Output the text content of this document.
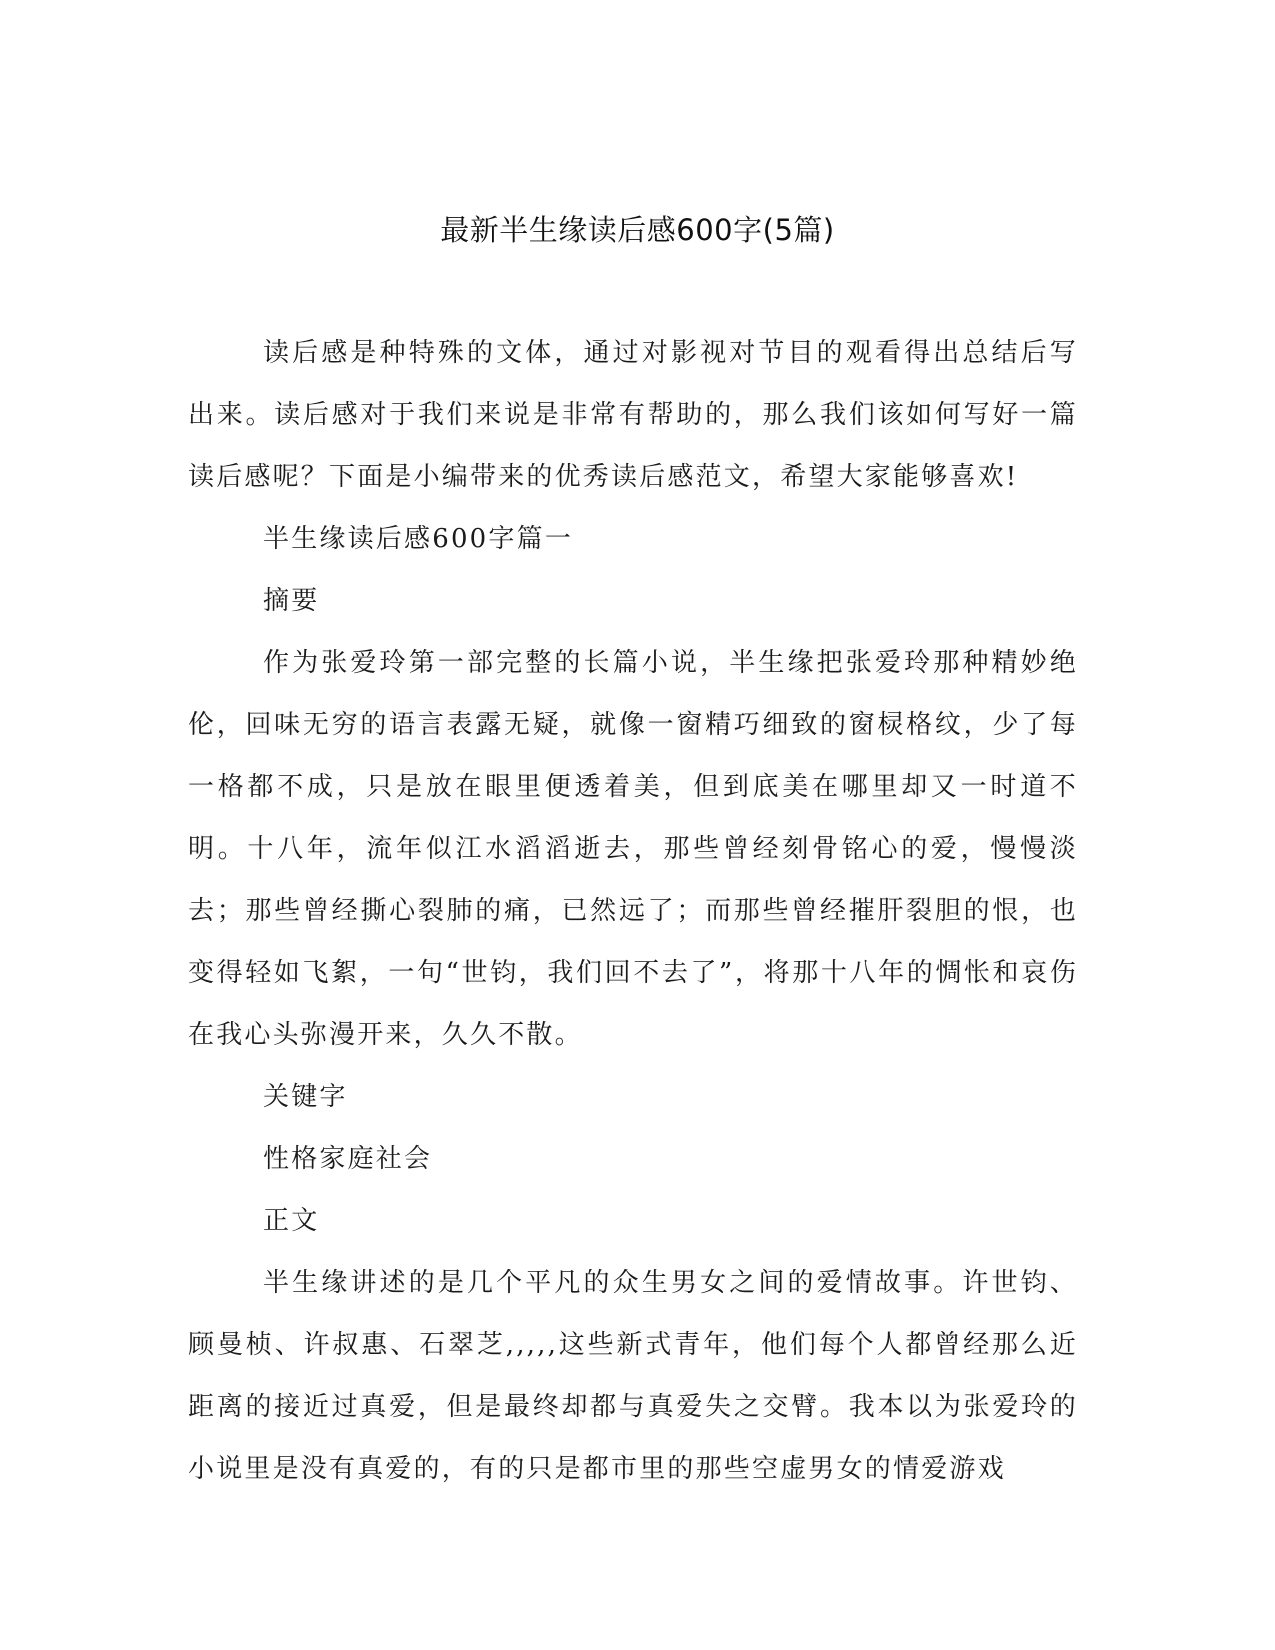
最新半生缘读后感600字(5篇)

读后感是种特殊的文体，通过对影视对节目的观看得出总结后写出来。读后感对于我们来说是非常有帮助的，那么我们该如何写好一篇读后感呢？下面是小编带来的优秀读后感范文，希望大家能够喜欢!

半生缘读后感600字篇一

摘要

作为张爱玲第一部完整的长篇小说，半生缘把张爱玲那种精妙绝伦，回味无穷的语言表露无疑，就像一窗精巧细致的窗棂格纹，少了每一格都不成，只是放在眼里便透着美，但到底美在哪里却又一时道不明。十八年，流年似江水滔滔逝去，那些曾经刻骨铭心的爱，慢慢淡去；那些曾经撕心裂肺的痛，已然远了；而那些曾经摧肝裂胆的恨，也变得轻如飞絮，一句“世钧，我们回不去了”，将那十八年的惆怅和哀伤在我心头弥漫开来，久久不散。

关键字

性格家庭社会

正文

半生缘讲述的是几个平凡的众生男女之间的爱情故事。许世钧、顾曼桢、许叔惠、石翠芝,,,,,这些新式青年，他们每个人都曾经那么近距离的接近过真爱，但是最终却都与真爱失之交臂。我本以为张爱玲的小说里是没有真爱的，有的只是都市里的那些空虚男女的情爱游戏
